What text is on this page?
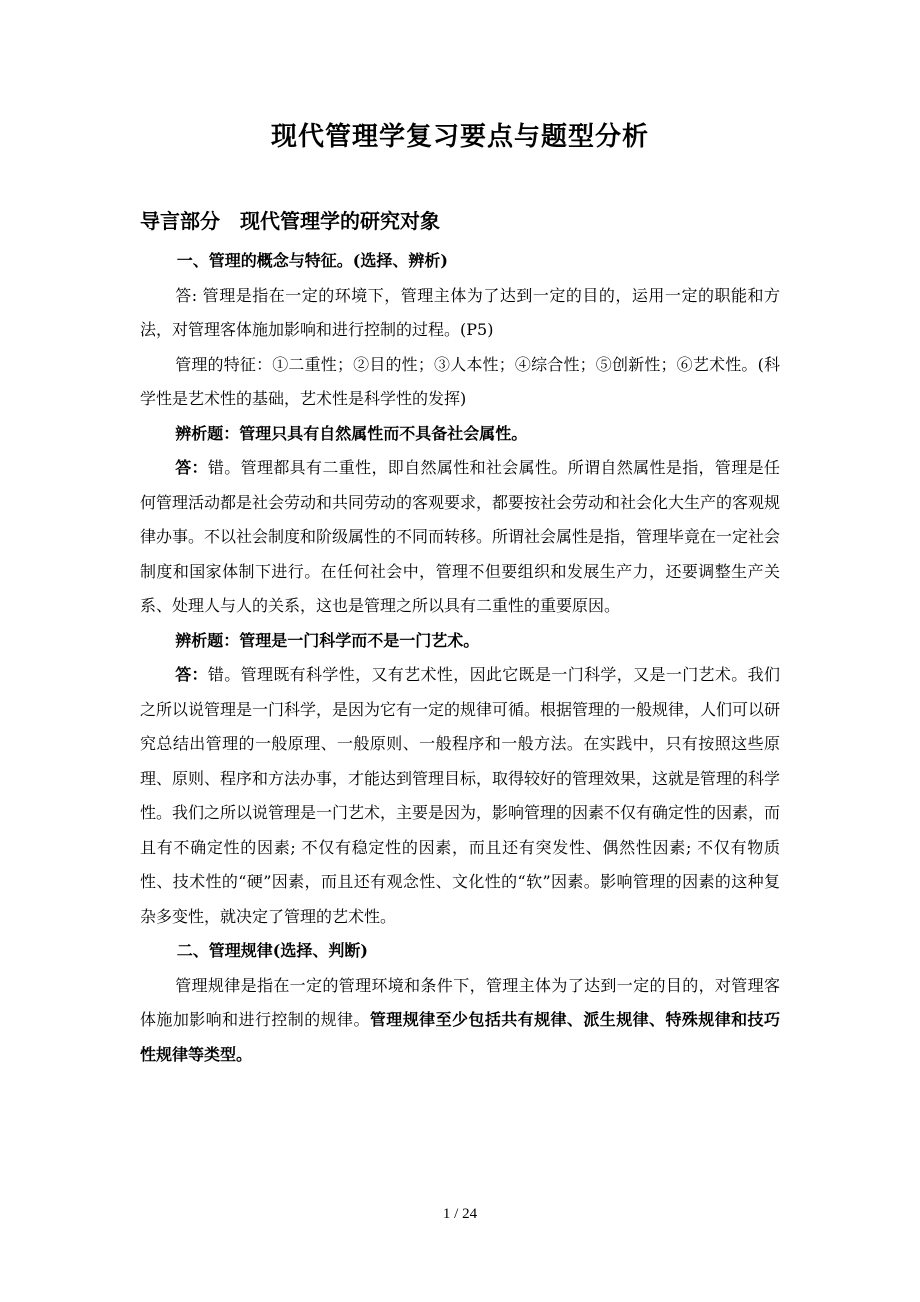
现代管理学复习要点与题型分析
导言部分　现代管理学的研究对象

一、管理的概念与特征。(选择、辨析)

答: 管理是指在一定的环境下，管理主体为了达到一定的目的，运用一定的职能和方法，对管理客体施加影响和进行控制的过程。(P5)

管理的特征：①二重性；②目的性；③人本性；④综合性；⑤创新性；⑥艺术性。(科学性是艺术性的基础，艺术性是科学性的发挥)

辨析题：管理只具有自然属性而不具备社会属性。

答：错。管理都具有二重性，即自然属性和社会属性。所谓自然属性是指，管理是任何管理活动都是社会劳动和共同劳动的客观要求，都要按社会劳动和社会化大生产的客观规律办事。不以社会制度和阶级属性的不同而转移。所谓社会属性是指，管理毕竟在一定社会制度和国家体制下进行。在任何社会中，管理不但要组织和发展生产力，还要调整生产关系、处理人与人的关系，这也是管理之所以具有二重性的重要原因。

辨析题：管理是一门科学而不是一门艺术。

答：错。管理既有科学性，又有艺术性，因此它既是一门科学，又是一门艺术。我们之所以说管理是一门科学，是因为它有一定的规律可循。根据管理的一般规律，人们可以研究总结出管理的一般原理、一般原则、一般程序和一般方法。在实践中，只有按照这些原理、原则、程序和方法办事，才能达到管理目标，取得较好的管理效果，这就是管理的科学性。我们之所以说管理是一门艺术，主要是因为，影响管理的因素不仅有确定性的因素，而且有不确定性的因素; 不仅有稳定性的因素，而且还有突发性、偶然性因素; 不仅有物质性、技术性的“硬”因素，而且还有观念性、文化性的“软”因素。影响管理的因素的这种复杂多变性，就决定了管理的艺术性。

二、管理规律(选择、判断)

管理规律是指在一定的管理环境和条件下，管理主体为了达到一定的目的，对管理客体施加影响和进行控制的规律。管理规律至少包括共有规律、派生规律、特殊规律和技巧性规律等类型。

1 / 24
